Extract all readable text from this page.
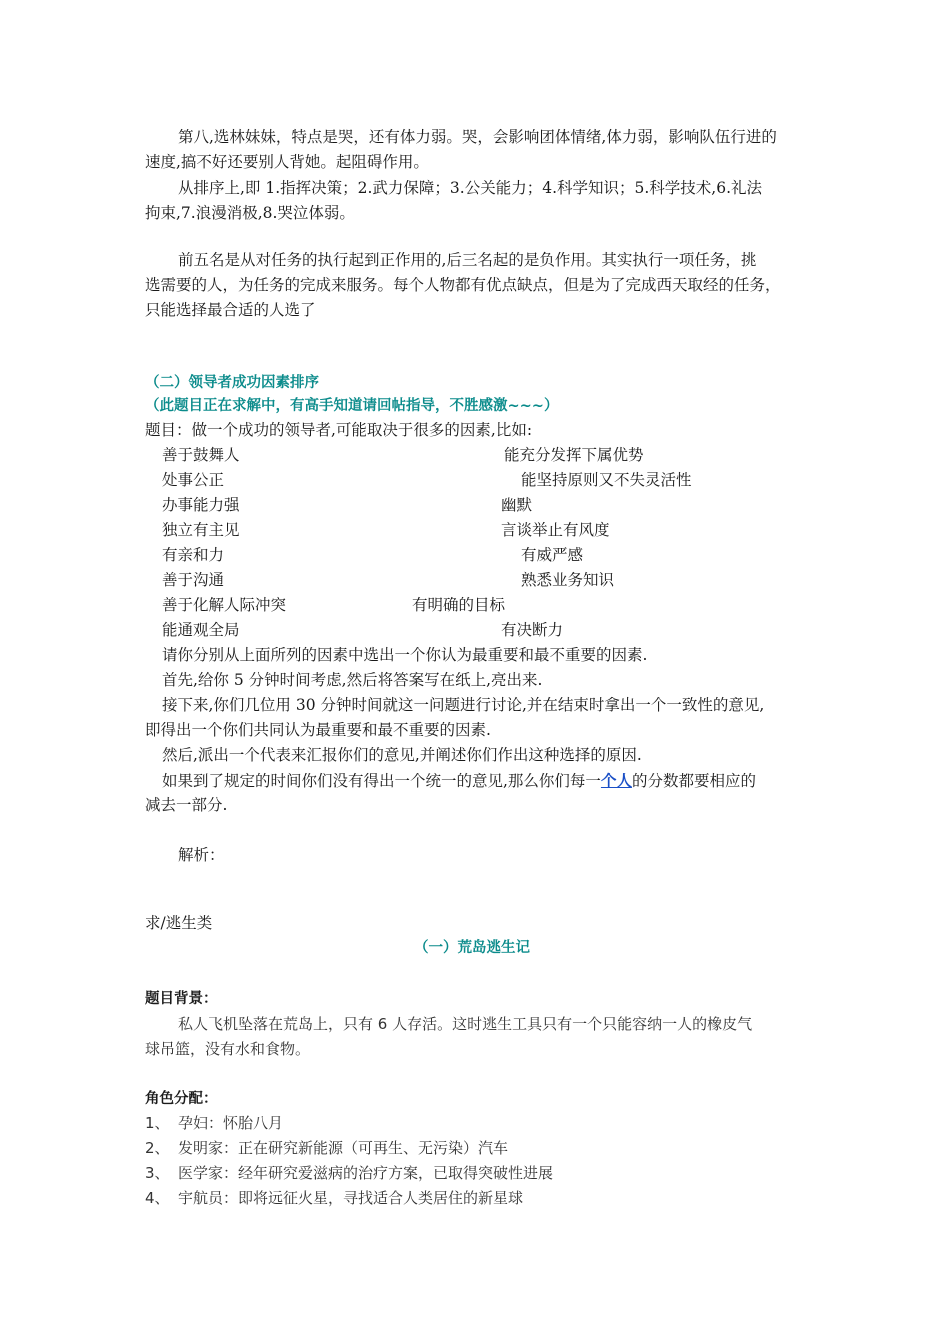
第八,选林妹妹，特点是哭，还有体力弱。哭，会影响团体情绪,体力弱，影响队伍行进的
速度,搞不好还要别人背她。起阻碍作用。
从排序上,即 1.指挥决策；2.武力保障；3.公关能力；4.科学知识；5.科学技术,6.礼法
拘束,7.浪漫消极,8.哭泣体弱。
前五名是从对任务的执行起到正作用的,后三名起的是负作用。其实执行一项任务，挑
选需要的人，为任务的完成来服务。每个人物都有优点缺点，但是为了完成西天取经的任务，
只能选择最合适的人选了
（二）领导者成功因素排序
（此题目正在求解中，有高手知道请回帖指导，不胜感激~~~）
题目：做一个成功的领导者,可能取决于很多的因素,比如:
善于鼓舞人
处事公正
办事能力强
独立有主见
有亲和力
善于沟通
善于化解人际冲突
能通观全局
能充分发挥下属优势
能坚持原则又不失灵活性
幽默
言谈举止有风度
有威严感
熟悉业务知识
有明确的目标
有决断力
请你分别从上面所列的因素中选出一个你认为最重要和最不重要的因素.
首先,给你 5 分钟时间考虑,然后将答案写在纸上,亮出来.
接下来,你们几位用 30 分钟时间就这一问题进行讨论,并在结束时拿出一个一致性的意见,
即得出一个你们共同认为最重要和最不重要的因素.
然后,派出一个代表来汇报你们的意见,并阐述你们作出这种选择的原因.
如果到了规定的时间你们没有得出一个统一的意见,那么你们每一个人的分数都要相应的
减去一部分.
解析：
求/逃生类
（一）荒岛逃生记
题目背景：
私人飞机坠落在荒岛上，只有 6 人存活。这时逃生工具只有一个只能容纳一人的橡皮气
球吊篮，没有水和食物。
角色分配：
1、 孕妇：怀胎八月
2、 发明家：正在研究新能源（可再生、无污染）汽车
3、 医学家：经年研究爱滋病的治疗方案，已取得突破性进展
4、 宇航员：即将远征火星，寻找适合人类居住的新星球
